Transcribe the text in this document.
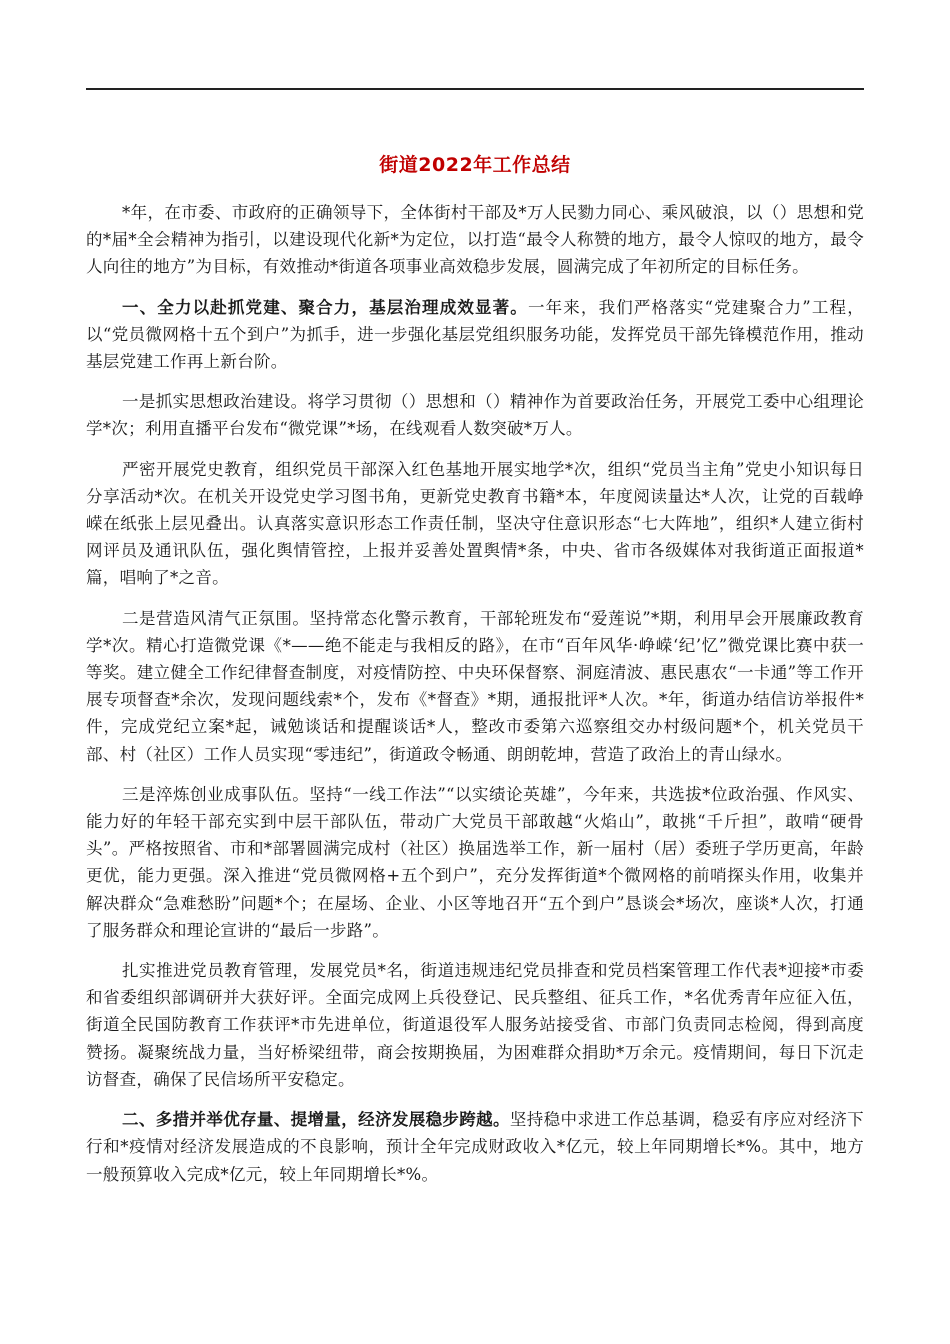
街道2022年工作总结

*年，在市委、市政府的正确领导下，全体街村干部及*万人民勠力同心、乘风破浪，以（）思想和党的*届*全会精神为指引，以建设现代化新*为定位，以打造“最令人称赞的地方，最令人惊叹的地方，最令人向往的地方”为目标，有效推动*街道各项事业高效稳步发展，圆满完成了年初所定的目标任务。

一、全力以赴抓党建、聚合力，基层治理成效显著。一年来，我们严格落实“党建聚合力”工程，以“党员微网格十五个到户”为抓手，进一步强化基层党组织服务功能，发挥党员干部先锋模范作用，推动基层党建工作再上新台阶。

一是抓实思想政治建设。将学习贯彻（）思想和（）精神作为首要政治任务，开展党工委中心组理论学*次；利用直播平台发布“微党课”*场，在线观看人数突破*万人。

严密开展党史教育，组织党员干部深入红色基地开展实地学*次，组织“党员当主角”党史小知识每日分享活动*次。在机关开设党史学习图书角，更新党史教育书籍*本，年度阅读量达*人次，让党的百载峥嵘在纸张上层见叠出。认真落实意识形态工作责任制，坚决守住意识形态“七大阵地”，组织*人建立街村网评员及通讯队伍，强化舆情管控，上报并妥善处置舆情*条，中央、省市各级媒体对我街道正面报道*篇，唱响了*之音。

二是营造风清气正氛围。坚持常态化警示教育，干部轮班发布“爱莲说”*期，利用早会开展廉政教育学*次。精心打造微党课《*——绝不能走与我相反的路》，在市“百年风华·峥嵘‘纪’忆”微党课比赛中获一等奖。建立健全工作纪律督查制度，对疫情防控、中央环保督察、洞庭清波、惠民惠农“一卡通”等工作开展专项督查*余次，发现问题线索*个，发布《*督查》*期，通报批评*人次。*年，街道办结信访举报件*件，完成党纪立案*起，诫勉谈话和提醒谈话*人，整改市委第六巡察组交办村级问题*个，机关党员干部、村（社区）工作人员实现“零违纪”，街道政令畅通、朗朗乾坤，营造了政治上的青山绿水。

三是淬炼创业成事队伍。坚持“一线工作法”“以实绩论英雄”，今年来，共选拔*位政治强、作风实、能力好的年轻干部充实到中层干部队伍，带动广大党员干部敢越“火焰山”，敢挑“千斤担”，敢啃“硬骨头”。严格按照省、市和*部署圆满完成村（社区）换届选举工作，新一届村（居）委班子学历更高，年龄更优，能力更强。深入推进“党员微网格+五个到户”，充分发挥街道*个微网格的前哨探头作用，收集并解决群众“急难愁盼”问题*个；在屋场、企业、小区等地召开“五个到户”恳谈会*场次，座谈*人次，打通了服务群众和理论宣讲的“最后一步路”。

扎实推进党员教育管理，发展党员*名，街道违规违纪党员排查和党员档案管理工作代表*迎接*市委和省委组织部调研并大获好评。全面完成网上兵役登记、民兵整组、征兵工作，*名优秀青年应征入伍，街道全民国防教育工作获评*市先进单位，街道退役军人服务站接受省、市部门负责同志检阅，得到高度赞扬。凝聚统战力量，当好桥梁纽带，商会按期换届，为困难群众捐助*万余元。疫情期间，每日下沉走访督查，确保了民信场所平安稳定。

二、多措并举优存量、提增量，经济发展稳步跨越。坚持稳中求进工作总基调，稳妥有序应对经济下行和*疫情对经济发展造成的不良影响，预计全年完成财政收入*亿元，较上年同期增长*%。其中，地方一般预算收入完成*亿元，较上年同期增长*%。
